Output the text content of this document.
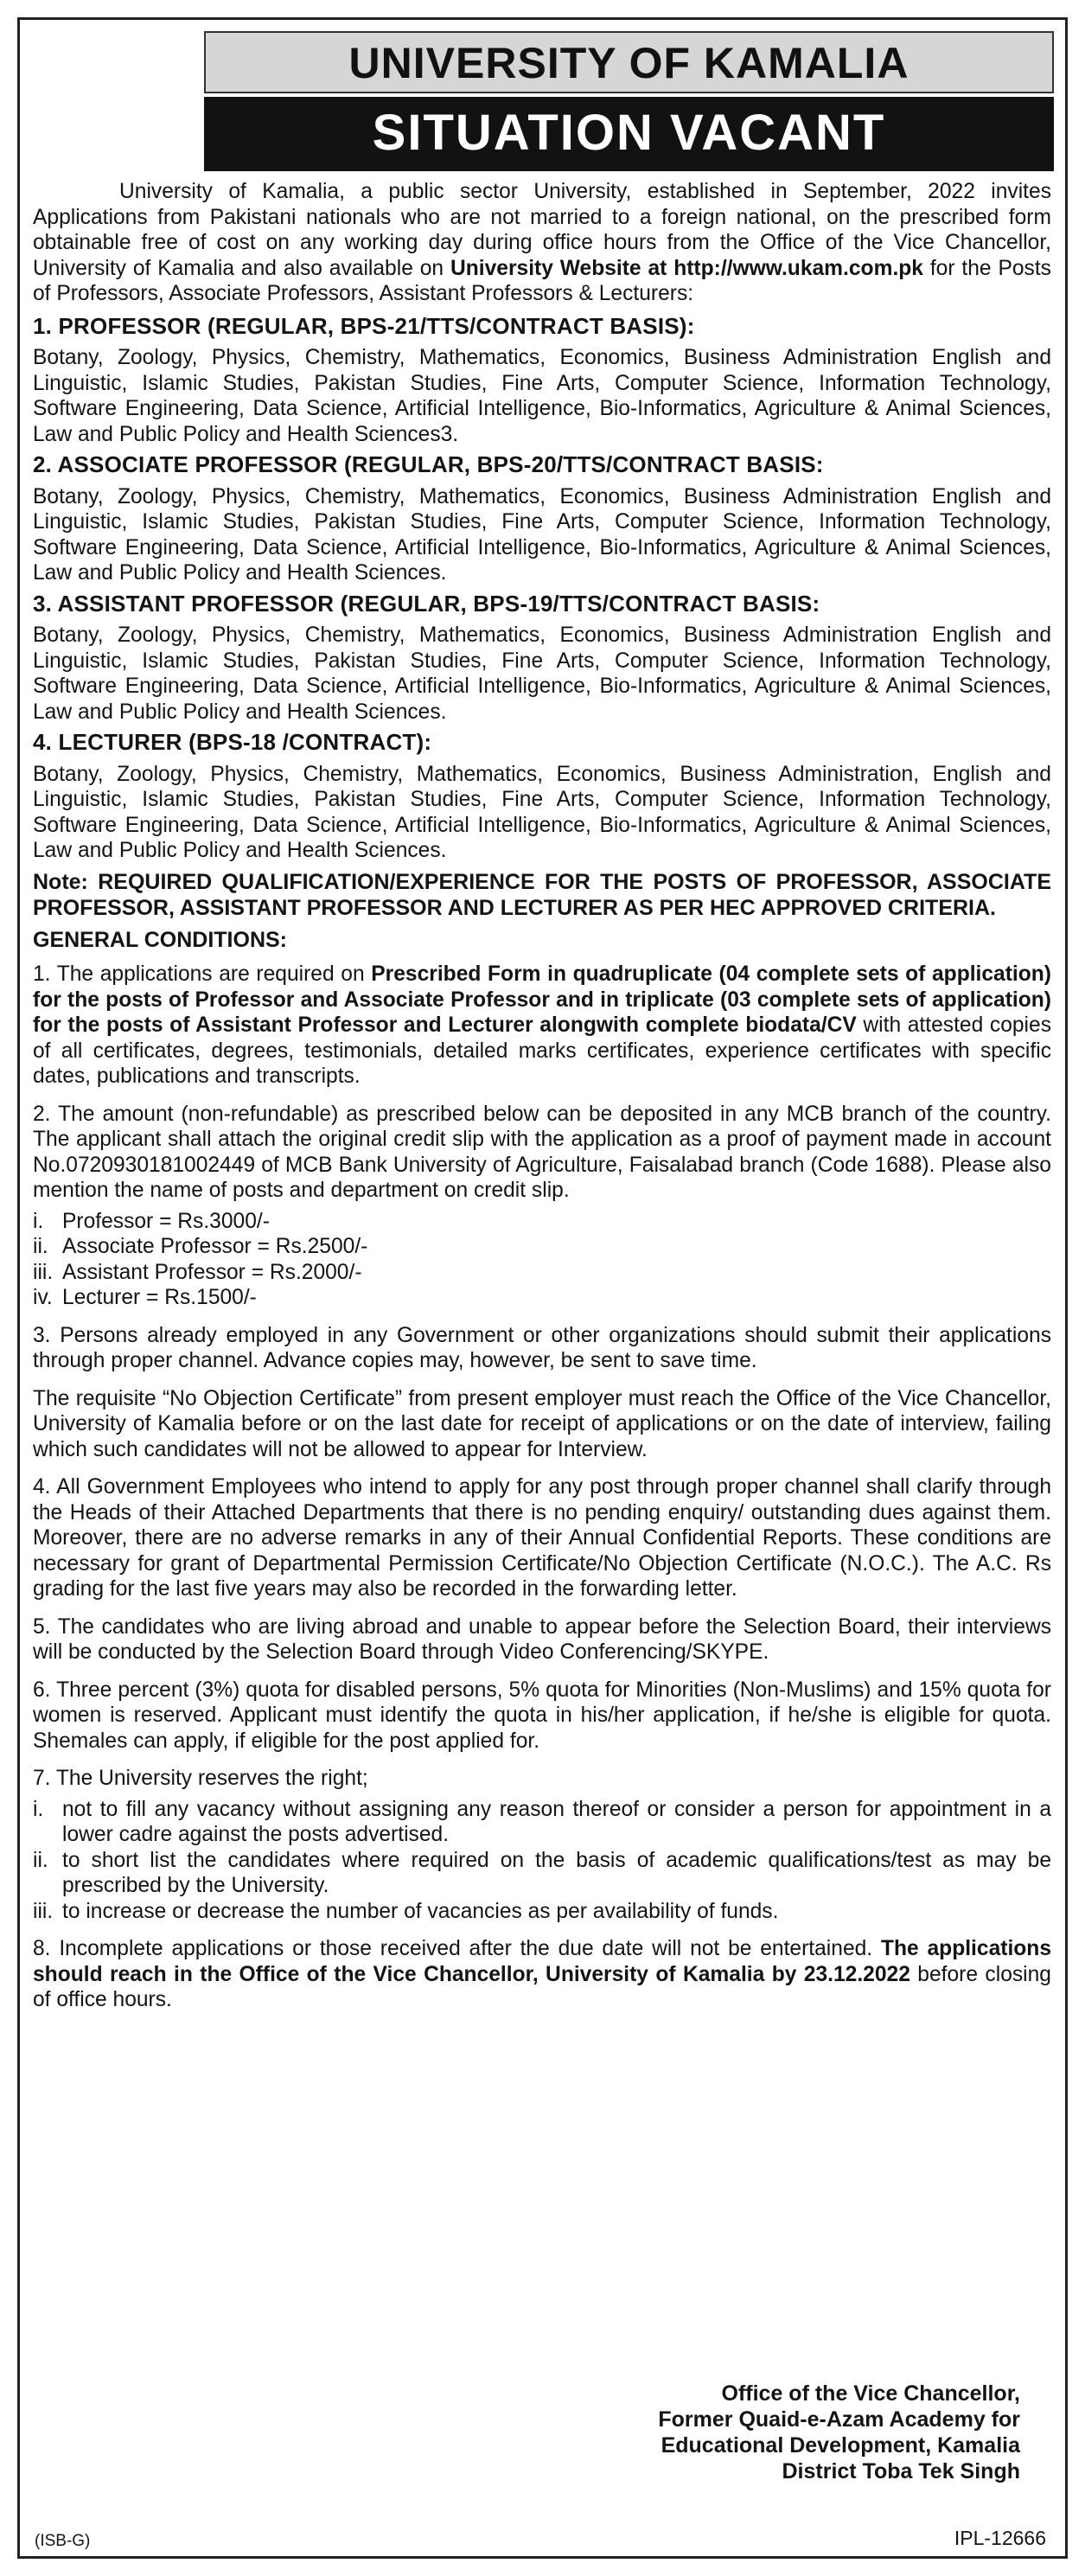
UNIVERSITY OF KAMALIA
SITUATION VACANT

University of Kamalia, a public sector University, established in September, 2022 invites Applications from Pakistani nationals who are not married to a foreign national, on the prescribed form obtainable free of cost on any working day during office hours from the Office of the Vice Chancellor, University of Kamalia and also available on University Website at http://www.ukam.com.pk for the Posts of Professors, Associate Professors, Assistant Professors & Lecturers:

1. PROFESSOR (REGULAR, BPS-21/TTS/CONTRACT BASIS):

Botany, Zoology, Physics, Chemistry, Mathematics, Economics, Business Administration English and Linguistic, Islamic Studies, Pakistan Studies, Fine Arts, Computer Science, Information Technology, Software Engineering, Data Science, Artificial Intelligence, Bio-Informatics, Agriculture & Animal Sciences, Law and Public Policy and Health Sciences3.

2. ASSOCIATE PROFESSOR (REGULAR, BPS-20/TTS/CONTRACT BASIS:

Botany, Zoology, Physics, Chemistry, Mathematics, Economics, Business Administration English and Linguistic, Islamic Studies, Pakistan Studies, Fine Arts, Computer Science, Information Technology, Software Engineering, Data Science, Artificial Intelligence, Bio-Informatics, Agriculture & Animal Sciences, Law and Public Policy and Health Sciences.

3. ASSISTANT PROFESSOR (REGULAR, BPS-19/TTS/CONTRACT BASIS:

Botany, Zoology, Physics, Chemistry, Mathematics, Economics, Business Administration English and Linguistic, Islamic Studies, Pakistan Studies, Fine Arts, Computer Science, Information Technology, Software Engineering, Data Science, Artificial Intelligence, Bio-Informatics, Agriculture & Animal Sciences, Law and Public Policy and Health Sciences.

4. LECTURER (BPS-18 /CONTRACT):

Botany, Zoology, Physics, Chemistry, Mathematics, Economics, Business Administration, English and Linguistic, Islamic Studies, Pakistan Studies, Fine Arts, Computer Science, Information Technology, Software Engineering, Data Science, Artificial Intelligence, Bio-Informatics, Agriculture & Animal Sciences, Law and Public Policy and Health Sciences.

Note: REQUIRED QUALIFICATION/EXPERIENCE FOR THE POSTS OF PROFESSOR, ASSOCIATE PROFESSOR, ASSISTANT PROFESSOR AND LECTURER AS PER HEC APPROVED CRITERIA.

GENERAL CONDITIONS:

1. The applications are required on Prescribed Form in quadruplicate (04 complete sets of application) for the posts of Professor and Associate Professor and in triplicate (03 complete sets of application) for the posts of Assistant Professor and Lecturer alongwith complete biodata/CV with attested copies of all certificates, degrees, testimonials, detailed marks certificates, experience certificates with specific dates, publications and transcripts.

2. The amount (non-refundable) as prescribed below can be deposited in any MCB branch of the country. The applicant shall attach the original credit slip with the application as a proof of payment made in account No.0720930181002449 of MCB Bank University of Agriculture, Faisalabad branch (Code 1688). Please also mention the name of posts and department on credit slip.

i. Professor = Rs.3000/-
ii. Associate Professor = Rs.2500/-
iii. Assistant Professor = Rs.2000/-
iv. Lecturer = Rs.1500/-

3. Persons already employed in any Government or other organizations should submit their applications through proper channel. Advance copies may, however, be sent to save time.

The requisite “No Objection Certificate” from present employer must reach the Office of the Vice Chancellor, University of Kamalia before or on the last date for receipt of applications or on the date of interview, failing which such candidates will not be allowed to appear for Interview.

4. All Government Employees who intend to apply for any post through proper channel shall clarify through the Heads of their Attached Departments that there is no pending enquiry/ outstanding dues against them. Moreover, there are no adverse remarks in any of their Annual Confidential Reports. These conditions are necessary for grant of Departmental Permission Certificate/No Objection Certificate (N.O.C.). The A.C. Rs grading for the last five years may also be recorded in the forwarding letter.

5. The candidates who are living abroad and unable to appear before the Selection Board, their interviews will be conducted by the Selection Board through Video Conferencing/SKYPE.

6. Three percent (3%) quota for disabled persons, 5% quota for Minorities (Non-Muslims) and 15% quota for women is reserved. Applicant must identify the quota in his/her application, if he/she is eligible for quota. Shemales can apply, if eligible for the post applied for.

7. The University reserves the right;

i. not to fill any vacancy without assigning any reason thereof or consider a person for appointment in a lower cadre against the posts advertised.
ii. to short list the candidates where required on the basis of academic qualifications/test as may be prescribed by the University.
iii. to increase or decrease the number of vacancies as per availability of funds.

8. Incomplete applications or those received after the due date will not be entertained. The applications should reach in the Office of the Vice Chancellor, University of Kamalia by 23.12.2022 before closing of office hours.

Office of the Vice Chancellor,
Former Quaid-e-Azam Academy for
Educational Development, Kamalia
District Toba Tek Singh
(ISB-G)	IPL-12666
